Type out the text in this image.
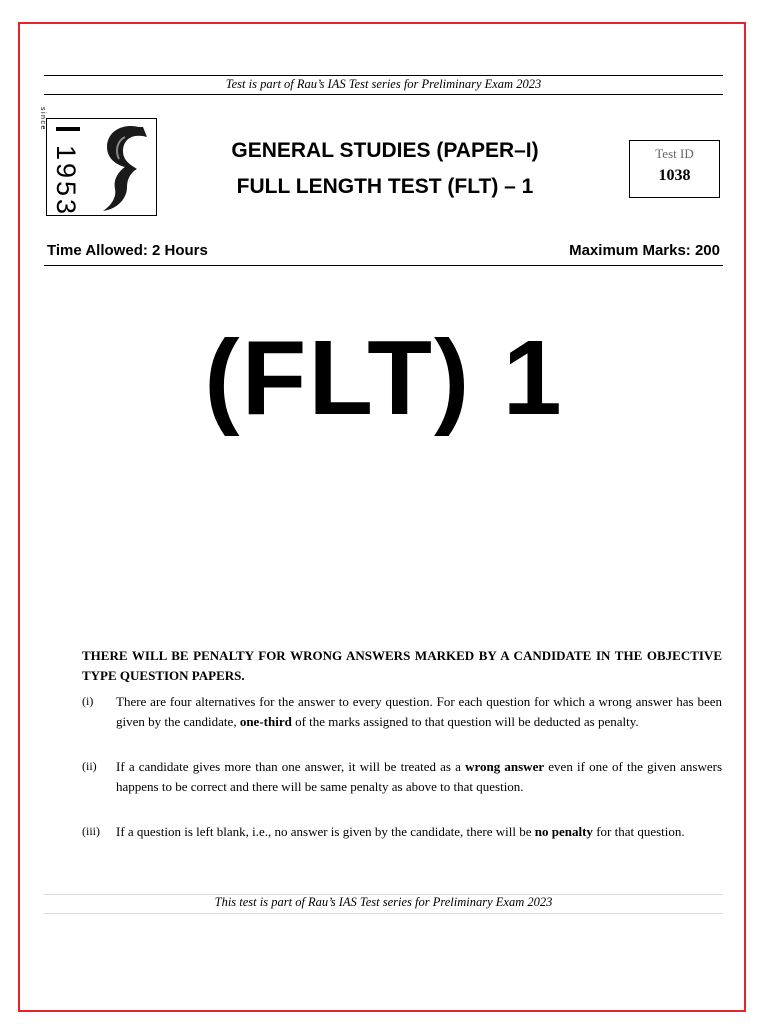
Test is part of Rau’s IAS Test series for Preliminary Exam 2023
since
1
9
5
3
GENERAL STUDIES (PAPER–I)
FULL LENGTH TEST (FLT) – 1
Test ID
1038
Time Allowed: 2 Hours	Maximum Marks: 200
(FLT) 1
THERE WILL BE PENALTY FOR WRONG ANSWERS MARKED BY A CANDIDATE IN THE OBJECTIVE TYPE QUESTION PAPERS.
(i) There are four alternatives for the answer to every question. For each question for which a wrong answer has been given by the candidate, one-third of the marks assigned to that question will be deducted as penalty.
(ii) If a candidate gives more than one answer, it will be treated as a wrong answer even if one of the given answers happens to be correct and there will be same penalty as above to that question.
(iii) If a question is left blank, i.e., no answer is given by the candidate, there will be no penalty for that question.
This test is part of Rau’s IAS Test series for Preliminary Exam 2023
